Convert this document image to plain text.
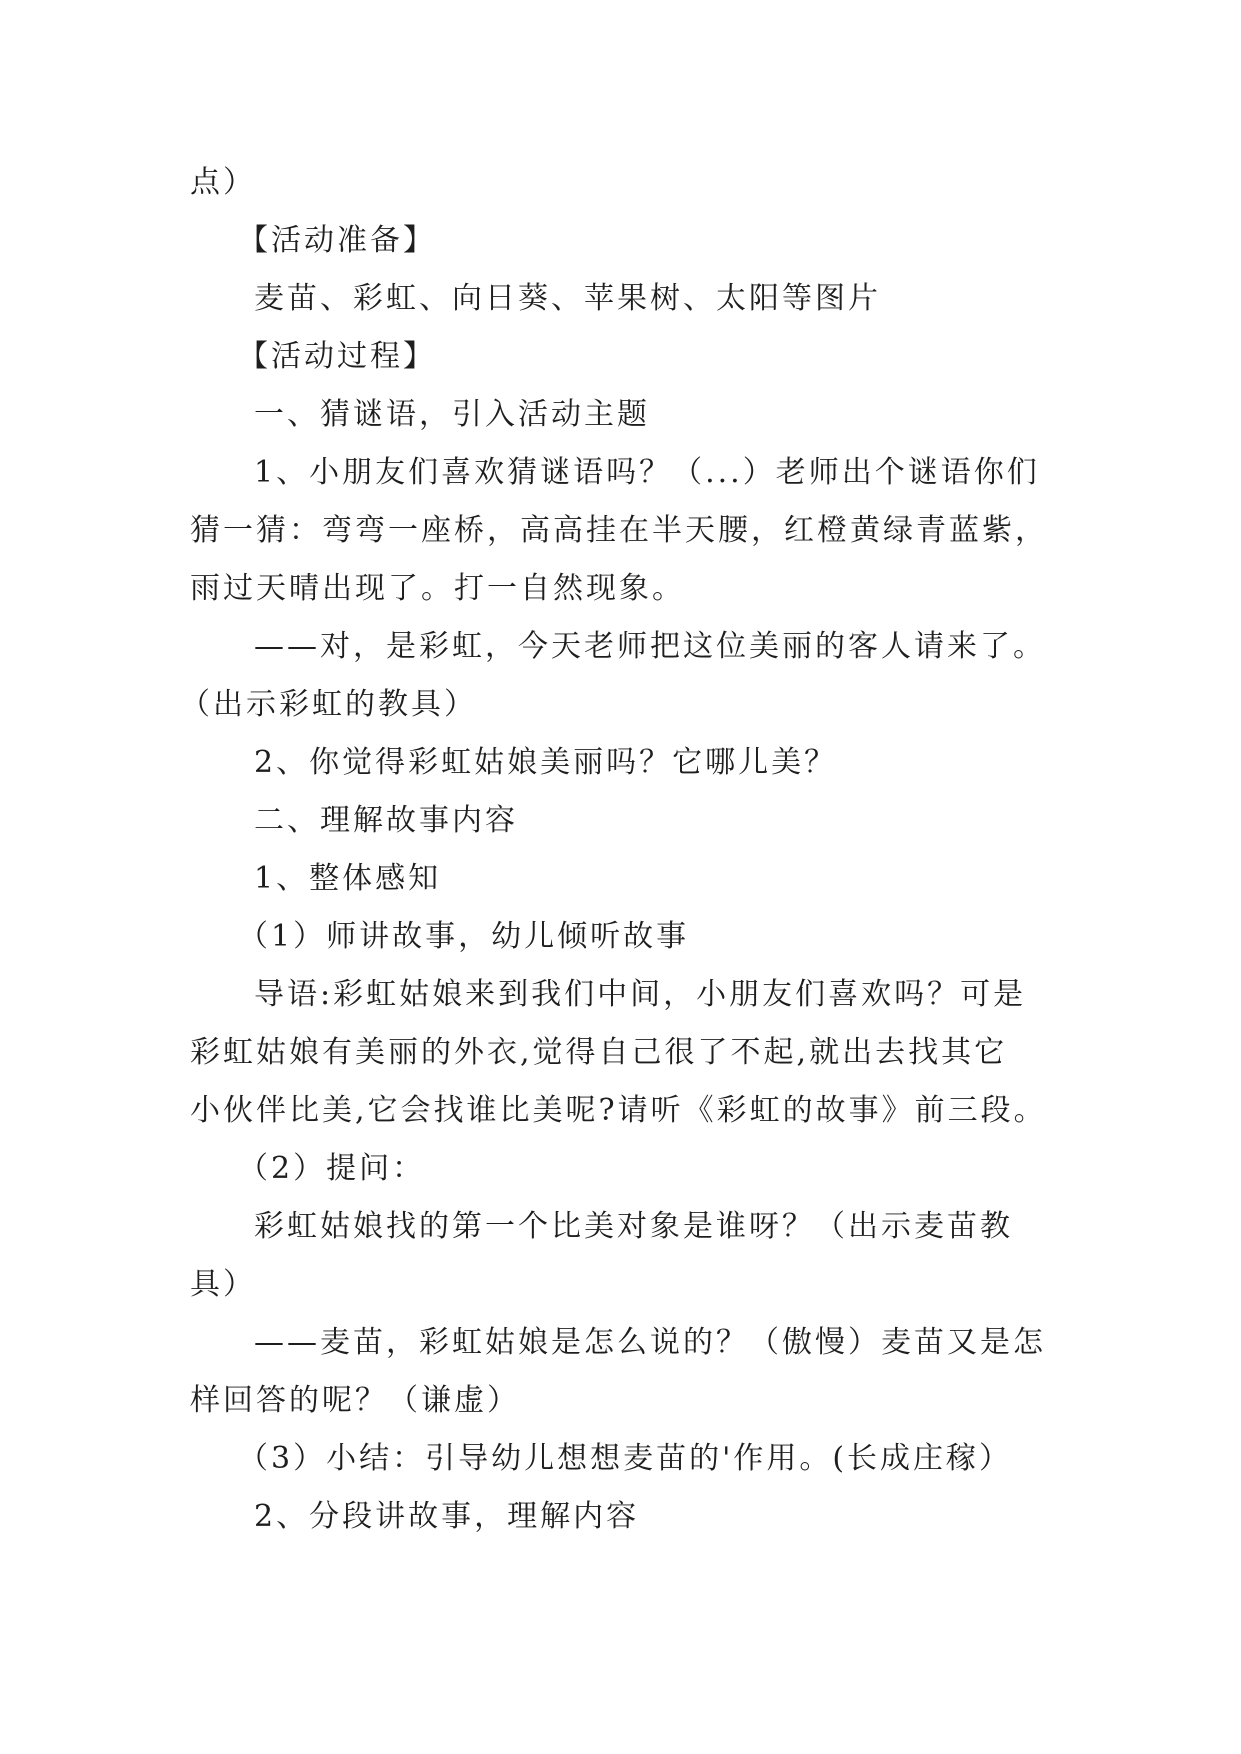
点）
【活动准备】
麦苗、彩虹、向日葵、苹果树、太阳等图片
【活动过程】
一、猜谜语，引入活动主题
1、小朋友们喜欢猜谜语吗？（...）老师出个谜语你们
猜一猜：弯弯一座桥，高高挂在半天腰，红橙黄绿青蓝紫，
雨过天晴出现了。打一自然现象。
——对，是彩虹，今天老师把这位美丽的客人请来了。
（出示彩虹的教具）
2、你觉得彩虹姑娘美丽吗？它哪儿美？
二、理解故事内容
1、整体感知
（1）师讲故事，幼儿倾听故事
导语:彩虹姑娘来到我们中间，小朋友们喜欢吗？可是
彩虹姑娘有美丽的外衣,觉得自己很了不起,就出去找其它
小伙伴比美,它会找谁比美呢?请听《彩虹的故事》前三段。
（2）提问：
彩虹姑娘找的第一个比美对象是谁呀？（出示麦苗教
具）
——麦苗，彩虹姑娘是怎么说的？（傲慢）麦苗又是怎
样回答的呢？（谦虚）
（3）小结：引导幼儿想想麦苗的'作用。(长成庄稼）
2、分段讲故事，理解内容
